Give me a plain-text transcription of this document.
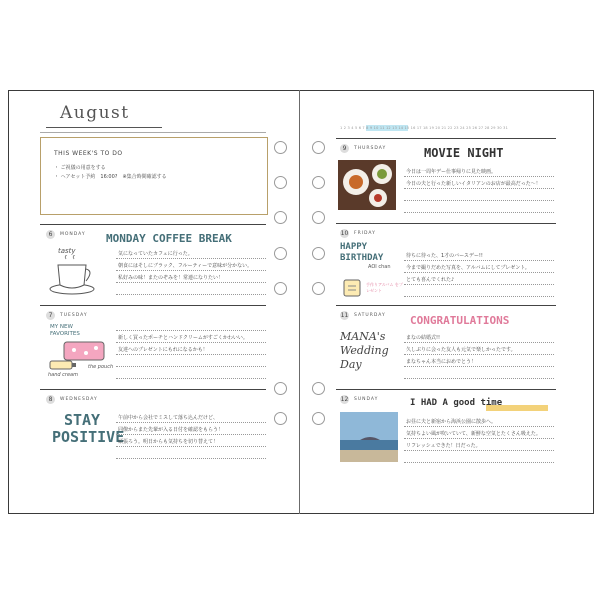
August
THIS WEEK'S TO DO
・ ご祝儀の用意をする
・ ヘアセット予約　16:00?　※集合時間確認する
6	MONDAY MONDAY COFFEE BREAK
tasty	気になっていたカフェに行った。
朝食にはそしにブラック、フルーティーで意味が分かない。
私好みの味！またのぞみを！常連になりたい！
7	TUESDAY
MY NEW FAVORITES
hand cream
the pouch
新しく買ったポーチとハンドクリームがすごくかわいい。
友達へのプレゼントにもれになるかも！
8	WEDNESDAY
STAY POSITIVE
午前中から会社でミスして落ち込んだけど、
同僚からまた先輩が入る日付を確認をもらう！
頑張ろう。明日からも気持ちを切り替えて！
1 2 3 4 5 6 7 8 9 10 11 12 13 14 15 16 17 18 19 20 21 22 23 24 25 26 27 28 29 30 31
9	THURSDAY	MOVIE NIGHT
今日は一周年デー仕事帰りに見た映画。
今日の夫と行った新しいイタリアンのお店が最高だった～！
10 FRIDAY
HAPPY BIRTHDAY
AOI chan
手作りアルバム をプレゼント
待ちに待った、1才のバースデー!!
今まで撮りだめた写真を、アルバムにしてプレゼント。
とても喜んでくれた♪
11 SATURDAY CONGRATULATIONS
MANA's Wedding Day
まなの結婚式!!
久しぶりに会った友人も元気で楽しかったです。
まなちゃん本当におめでとう！
12 SUNDAY	I HAD A good time
お昼に夫と新宿から海浜公園に散歩へ。
気持ちよい風が吹いていて、新鮮な空気とたくさん吸えた。
リフレッシュできた！日だった。
